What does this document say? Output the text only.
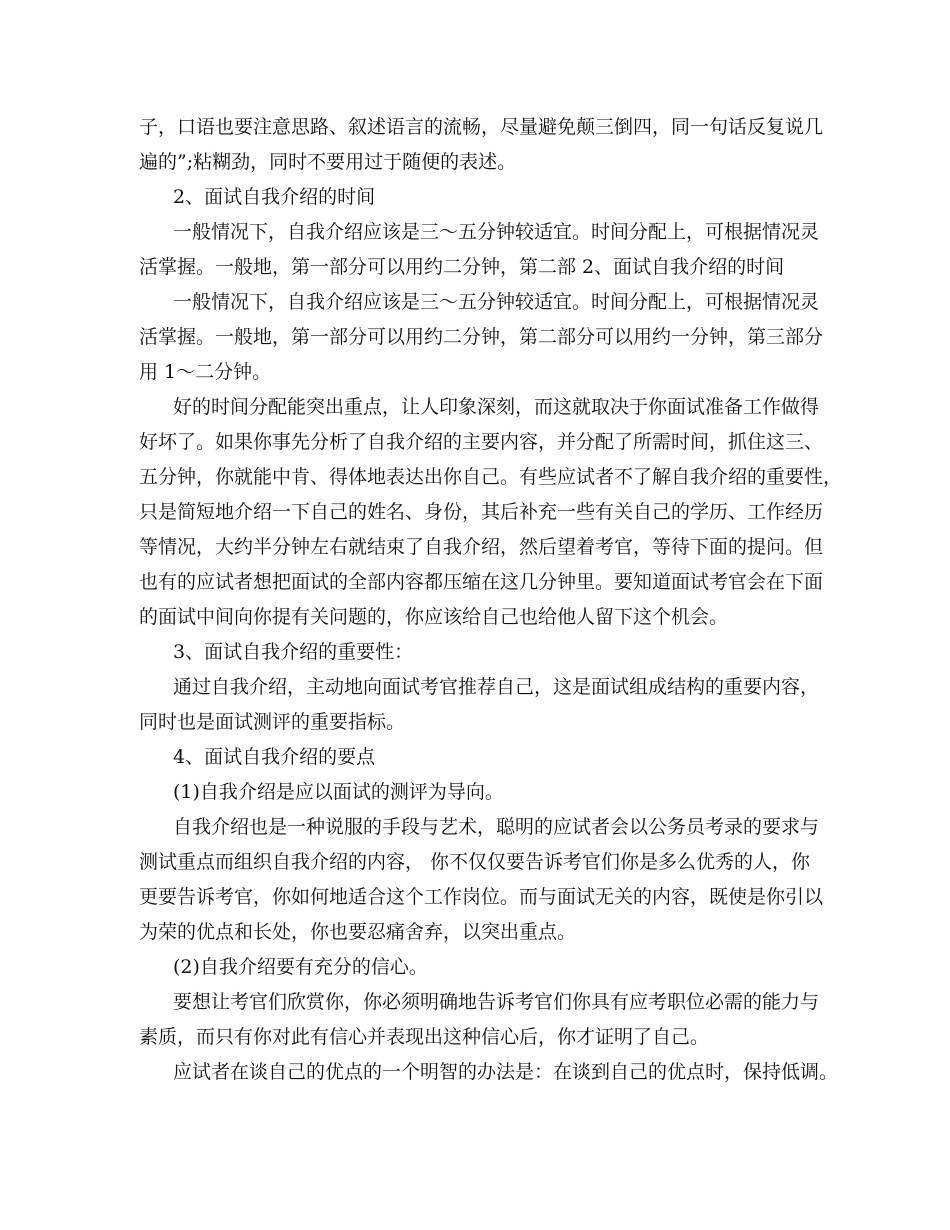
子，口语也要注意思路、叙述语言的流畅，尽量避免颠三倒四，同一句话反复说几
遍的”;粘糊劲，同时不要用过于随便的表述。
2、面试自我介绍的时间
一般情况下，自我介绍应该是三～五分钟较适宜。时间分配上，可根据情况灵
活掌握。一般地，第一部分可以用约二分钟，第二部 2、面试自我介绍的时间
一般情况下，自我介绍应该是三～五分钟较适宜。时间分配上，可根据情况灵
活掌握。一般地，第一部分可以用约二分钟，第二部分可以用约一分钟，第三部分
用 1～二分钟。
好的时间分配能突出重点，让人印象深刻，而这就取决于你面试准备工作做得
好坏了。如果你事先分析了自我介绍的主要内容，并分配了所需时间，抓住这三、
五分钟，你就能中肯、得体地表达出你自己。有些应试者不了解自我介绍的重要性，
只是简短地介绍一下自己的姓名、身份，其后补充一些有关自己的学历、工作经历
等情况，大约半分钟左右就结束了自我介绍，然后望着考官，等待下面的提问。但
也有的应试者想把面试的全部内容都压缩在这几分钟里。要知道面试考官会在下面
的面试中间向你提有关问题的，你应该给自己也给他人留下这个机会。
3、面试自我介绍的重要性：
通过自我介绍，主动地向面试考官推荐自己，这是面试组成结构的重要内容，
同时也是面试测评的重要指标。
4、面试自我介绍的要点
(1)自我介绍是应以面试的测评为导向。
自我介绍也是一种说服的手段与艺术，聪明的应试者会以公务员考录的要求与
测试重点而组织自我介绍的内容， 你不仅仅要告诉考官们你是多么优秀的人，你
更要告诉考官，你如何地适合这个工作岗位。而与面试无关的内容，既使是你引以
为荣的优点和长处，你也要忍痛舍弃，以突出重点。
(2)自我介绍要有充分的信心。
要想让考官们欣赏你，你必须明确地告诉考官们你具有应考职位必需的能力与
素质，而只有你对此有信心并表现出这种信心后，你才证明了自己。
应试者在谈自己的优点的一个明智的办法是：在谈到自己的优点时，保持低调。
